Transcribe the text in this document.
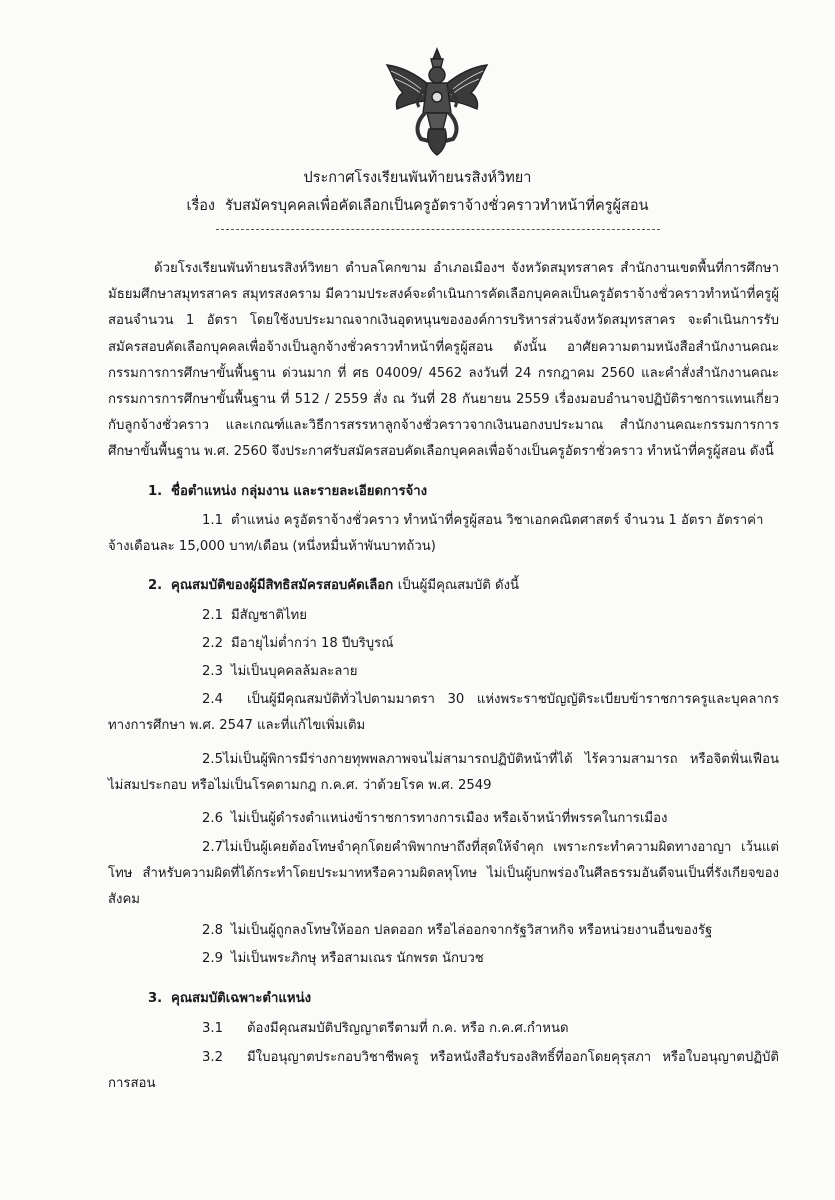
ประกาศโรงเรียนพันท้ายนรสิงห์วิทยา
เรื่อง รับสมัครบุคคลเพื่อคัดเลือกเป็นครูอัตราจ้างชั่วคราวทำหน้าที่ครูผู้สอน

ด้วยโรงเรียนพันท้ายนรสิงห์วิทยา ตำบลโคกขาม อำเภอเมืองฯ จังหวัดสมุทรสาคร สำนักงานเขตพื้นที่การศึกษามัธยมศึกษาสมุทรสาคร สมุทรสงคราม มีความประสงค์จะดำเนินการคัดเลือกบุคคลเป็นครูอัตราจ้างชั่วคราวทำหน้าที่ครูผู้สอนจำนวน 1 อัตรา โดยใช้งบประมาณจากเงินอุดหนุนขององค์การบริหารส่วนจังหวัดสมุทรสาคร จะดำเนินการรับสมัครสอบคัดเลือกบุคคลเพื่อจ้างเป็นลูกจ้างชั่วคราวทำหน้าที่ครูผู้สอน ดังนั้น อาศัยความตามหนังสือสำนักงานคณะกรรมการการศึกษาขั้นพื้นฐาน ด่วนมาก ที่ ศธ 04009/ 4562 ลงวันที่ 24 กรกฎาคม 2560 และคำสั่งสำนักงานคณะกรรมการการศึกษาขั้นพื้นฐาน ที่ 512 / 2559 สั่ง ณ วันที่ 28 กันยายน 2559 เรื่องมอบอำนาจปฏิบัติราชการแทนเกี่ยวกับลูกจ้างชั่วคราว และเกณฑ์และวิธีการสรรหาลูกจ้างชั่วคราวจากเงินนอกงบประมาณ สำนักงานคณะกรรมการการศึกษาขั้นพื้นฐาน พ.ศ. 2560 จึงประกาศรับสมัครสอบคัดเลือกบุคคลเพื่อจ้างเป็นครูอัตราชั่วคราว ทำหน้าที่ครูผู้สอน ดังนี้

1. ชื่อตำแหน่ง กลุ่มงาน และรายละเอียดการจ้าง

1.1 ตำแหน่ง ครูอัตราจ้างชั่วคราว ทำหน้าที่ครูผู้สอน วิชาเอกคณิตศาสตร์ จำนวน 1 อัตรา อัตราค่าจ้างเดือนละ 15,000 บาท/เดือน (หนึ่งหมื่นห้าพันบาทถ้วน)

2. คุณสมบัติของผู้มีสิทธิสมัครสอบคัดเลือก เป็นผู้มีคุณสมบัติ ดังนี้

2.1 มีสัญชาติไทย

2.2 มีอายุไม่ต่ำกว่า 18 ปีบริบูรณ์

2.3 ไม่เป็นบุคคลล้มละลาย

2.4 เป็นผู้มีคุณสมบัติทั่วไปตามมาตรา 30 แห่งพระราชบัญญัติระเบียบข้าราชการครูและบุคลากรทางการศึกษา พ.ศ. 2547 และที่แก้ไขเพิ่มเติม

2.5ไม่เป็นผู้พิการมีร่างกายทุพพลภาพจนไม่สามารถปฏิบัติหน้าที่ได้ ไร้ความสามารถ หรือจิตฟั่นเฟือน ไม่สมประกอบ หรือไม่เป็นโรคตามกฎ ก.ค.ศ. ว่าด้วยโรค พ.ศ. 2549

2.6 ไม่เป็นผู้ดำรงตำแหน่งข้าราชการทางการเมือง หรือเจ้าหน้าที่พรรคในการเมือง

2.7ไม่เป็นผู้เคยต้องโทษจำคุกโดยคำพิพากษาถึงที่สุดให้จำคุก เพราะกระทำความผิดทางอาญา เว้นแต่โทษ สำหรับความผิดที่ได้กระทำโดยประมาทหรือความผิดลหุโทษ ไม่เป็นผู้บกพร่องในศีลธรรมอันดีจนเป็นที่รังเกียจของสังคม

2.8 ไม่เป็นผู้ถูกลงโทษให้ออก ปลดออก หรือไล่ออกจากรัฐวิสาหกิจ หรือหน่วยงานอื่นของรัฐ

2.9 ไม่เป็นพระภิกษุ หรือสามเณร นักพรต นักบวช

3. คุณสมบัติเฉพาะตำแหน่ง

3.1 ต้องมีคุณสมบัติปริญญาตรีตามที่ ก.ค. หรือ ก.ค.ศ.กำหนด

3.2 มีใบอนุญาตประกอบวิชาชีพครู หรือหนังสือรับรองสิทธิ์ที่ออกโดยคุรุสภา หรือใบอนุญาตปฏิบัติการสอน
